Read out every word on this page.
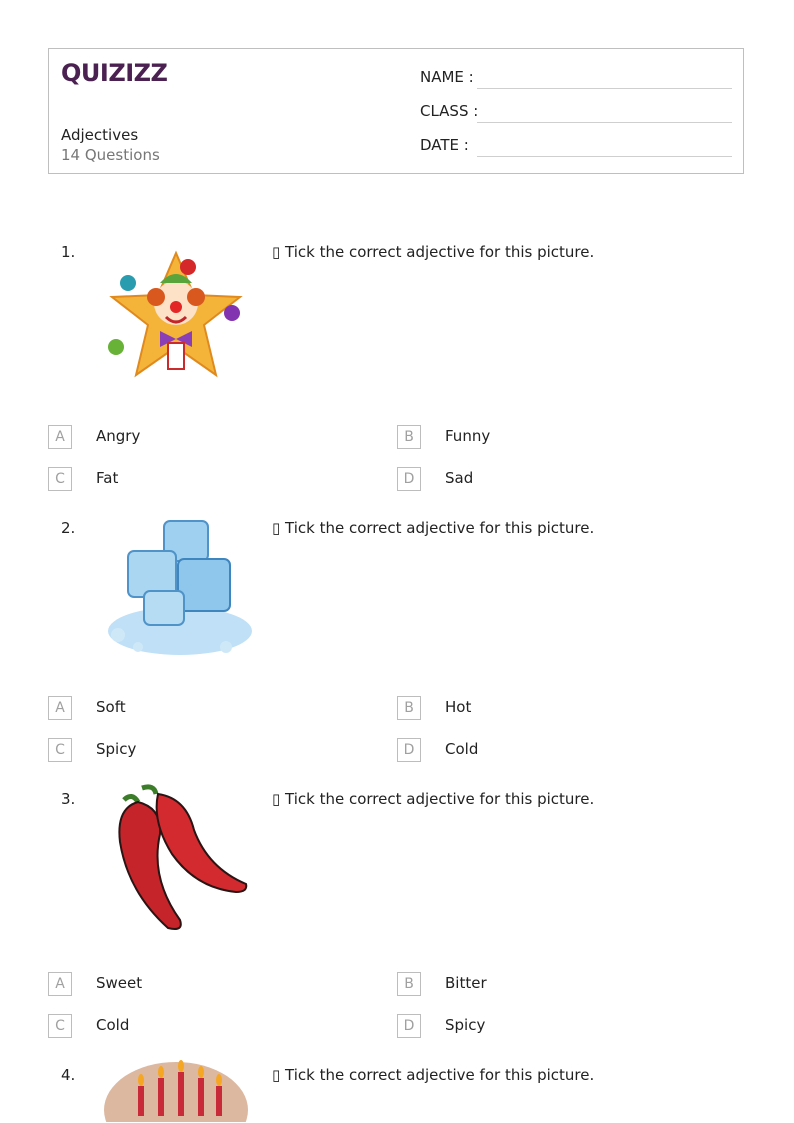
QUIZIZZ
Adjectives
14 Questions
NAME :
CLASS :
DATE :
1.	▯ Tick the correct adjective for this picture.
A	Angry	B	Funny
C	Fat	D	Sad
2.	▯ Tick the correct adjective for this picture.
A	Soft	B	Hot
C	Spicy	D	Cold
3.	▯ Tick the correct adjective for this picture.
A	Sweet	B	Bitter
C	Cold	D	Spicy
4.	▯ Tick the correct adjective for this picture.
